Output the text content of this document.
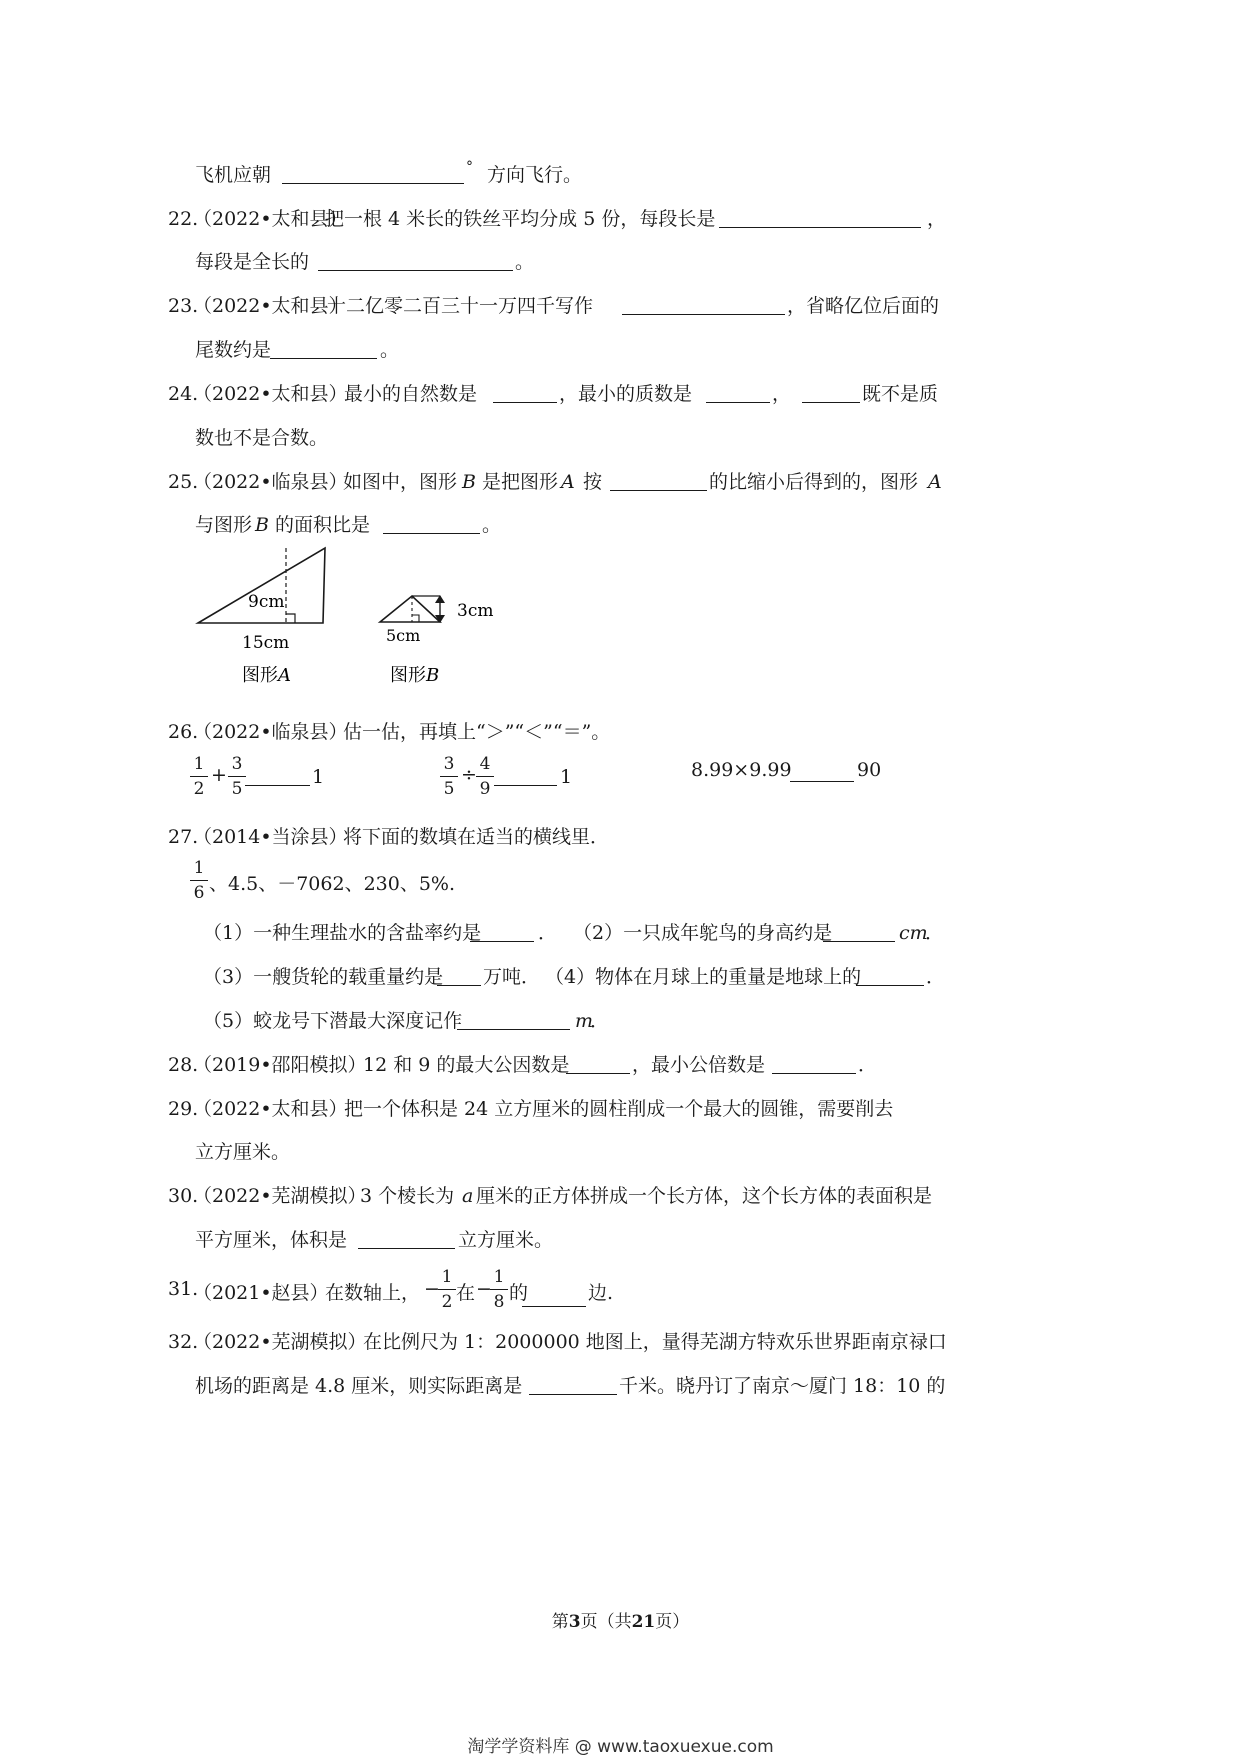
飞机应朝	° 方向飞行。
22.
（2022•太和县）
把一根 4 米长的铁丝平均分成 5 份，每段长是	，
每段是全长的	。
23.
（2022•太和县）
十二亿零二百三十一万四千写作	，省略亿位后面的
尾数约是	。
24.
（2022•太和县）
最小的自然数是	，最小的质数是	，	既不是质
数也不是合数。
25.
（2022•临泉县）
如图中，图形 B 是把图形 A 按	的比缩小后得到的，图形 A
与图形 B 的面积比是	。
9cm
15cm
图形A
3cm
5cm
图形B
26.
（2022•临泉县）
估一估，再填上“＞”“＜”“＝”。
1
2
+ 3
5
1
3
5
÷ 4
9
1	8.99×9.99	90
27.
（2014•当涂县）
将下面的数填在适当的横线里．
1
6 、4.5、－7062、230、5%.
（1）一种生理盐水的含盐率约是	． （2）一只成年鸵鸟的身高约是	cm
．
（3）一艘货轮的载重量约是 万吨． （4）物体在月球上的重量是地球上的	．
（5）蛟龙号下潜最大深度记作	m
．
28.
（2019•邵阳模拟）
12 和 9 的最大公因数是	，最小公倍数是	．
29.
（2022•太和县）
把一个体积是 24 立方厘米的圆柱削成一个最大的圆锥，需要削去
立方厘米。
30.
（2022•芜湖模拟）
3 个棱长为 a 厘米的正方体拼成一个长方体，这个长方体的表面积是
平方厘米，体积是	立方厘米。
31.
（2021•赵县）
在数轴上， −
1
2 在 −
1
8 的	边.
32.
（2022•芜湖模拟）
在比例尺为 1：2000000 地图上，量得芜湖方特欢乐世界距南京禄口
机场的距离是 4.8 厘米，则实际距离是	千米。晓丹订了南京～厦门 18：10 的
第3页（共21页）
淘学学资料库 @ www.taoxuexue.com
